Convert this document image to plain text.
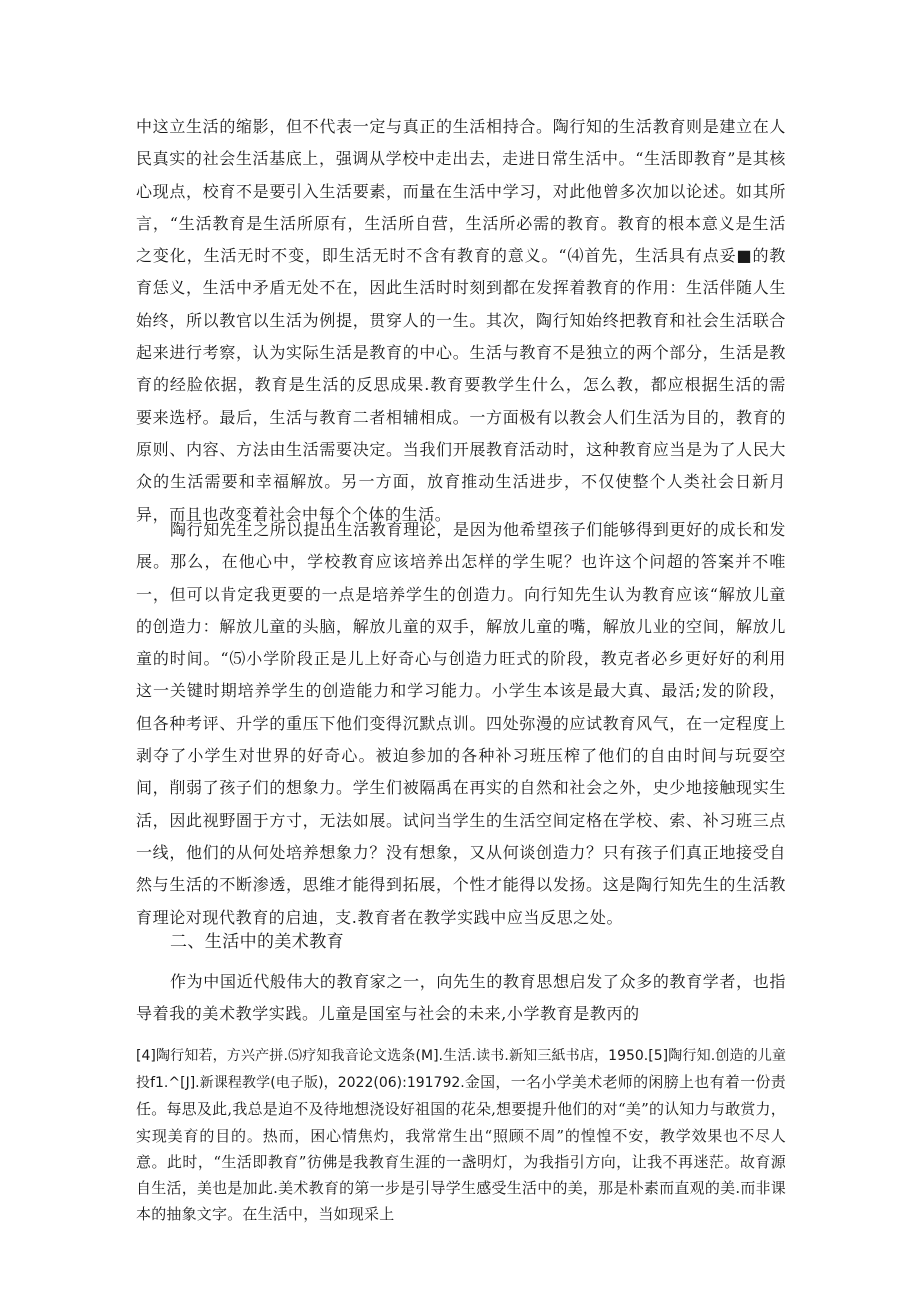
中这立生活的缩影，但不代表一定与真正的生活相持合。陶行知的生活教育则是建立在人民真实的社会生活基底上，强调从学校中走出去，走进日常生活中。“生活即教育”是其核心现点，校育不是要引入生活要素，而量在生活中学习，对此他曾多次加以论述。如其所言，“生活教育是生活所原有，生活所自营，生活所必需的教育。教育的根本意义是生活之变化，生活无时不变，即生活无时不含有教育的意义。“⑷首先，生活具有点妥■的教育恁义，生活中矛盾无处不在，因此生活时时刻到都在发挥着教育的作用：生活伴随人生始终，所以教官以生活为例提，贯穿人的一生。其次，陶行知始终把教育和社会生活联合起来进行考察，认为实际生活是教育的中心。生活与教育不是独立的两个部分，生活是教育的经脸依据，教育是生活的反思成果.教育要教学生什么，怎么教，都应根据生活的需要来选杼。最后，生活与教育二者相辅相成。一方面极有以教会人们生活为目的，教育的原则、内容、方法由生活需要决定。当我们开展教育活动时，这种教育应当是为了人民大众的生活需要和幸福解放。另一方面，放育推动生活进步，不仅使整个人类社会日新月异，而且也改变着社会中每个个体的生活。

陶行知先生之所以提出生活教育理论，是因为他希望孩子们能够得到更好的成长和发展。那么，在他心中，学校教育应该培养出怎样的学生呢？也许这个问超的答案并不唯一，但可以肯定我更要的一点是培养学生的创造力。向行知先生认为教育应该“解放儿童的创造力：解放儿童的头脑，解放儿童的双手，解放儿童的嘴，解放儿业的空间，解放儿童的时间。“⑸小学阶段正是儿上好奇心与创造力旺式的阶段，教克者必乡更好好的利用这一关键时期培养学生的创造能力和学习能力。小学生本该是最大真、最活;发的阶段，但各种考评、升学的重压下他们变得沉默点训。四处弥漫的应试教育风气，在一定程度上剥夺了小学生对世界的好奇心。被迫参加的各种补习班压榨了他们的自由时间与玩耍空间，削弱了孩子们的想象力。学生们被隔禹在再实的自然和社会之外，史少地接触现实生活，因此视野圄于方寸，无法如展。试问当学生的生活空间定格在学校、索、补习班三点一线，他们的从何处培养想象力？没有想象，又从何谈创造力？只有孩子们真正地接受自然与生活的不断渗透，思维才能得到拓展，个性才能得以发扬。这是陶行知先生的生活教育理论对现代教育的启迪，支.教育者在教学实践中应当反思之处。

二、生活中的美术教育

作为中国近代般伟大的教育家之一，向先生的教育思想启发了众多的教育学者，也指导着我的美术教学实践。儿童是国室与社会的未来,小学教育是教丙的

[4]陶行知若，方兴产拼.⑸疗知我音论文选条(M].生活.读书.新知三紙书店，1950.[5]陶行知.创造的儿童投f1.^[J].新课程教学(电子版)，2022(06):191792.金国，一名小学美术老师的闲膀上也有着一份责任。每思及此,我总是迫不及待地想浇设好祖国的花朵,想要提升他们的对“美”的认知力与敢赏力，实现美育的目的。热而，困心情焦灼，我常常生出“照顾不周”的惶惶不安，教学效果也不尽人意。此时，“生活即教育”彷佛是我教育生涯的一盏明灯，为我指引方向，让我不再迷茫。故育源自生活，美也是加此.美术教育的第一步是引导学生感受生活中的美，那是朴素而直观的美.而非课本的抽象文字。在生活中，当如现采上
